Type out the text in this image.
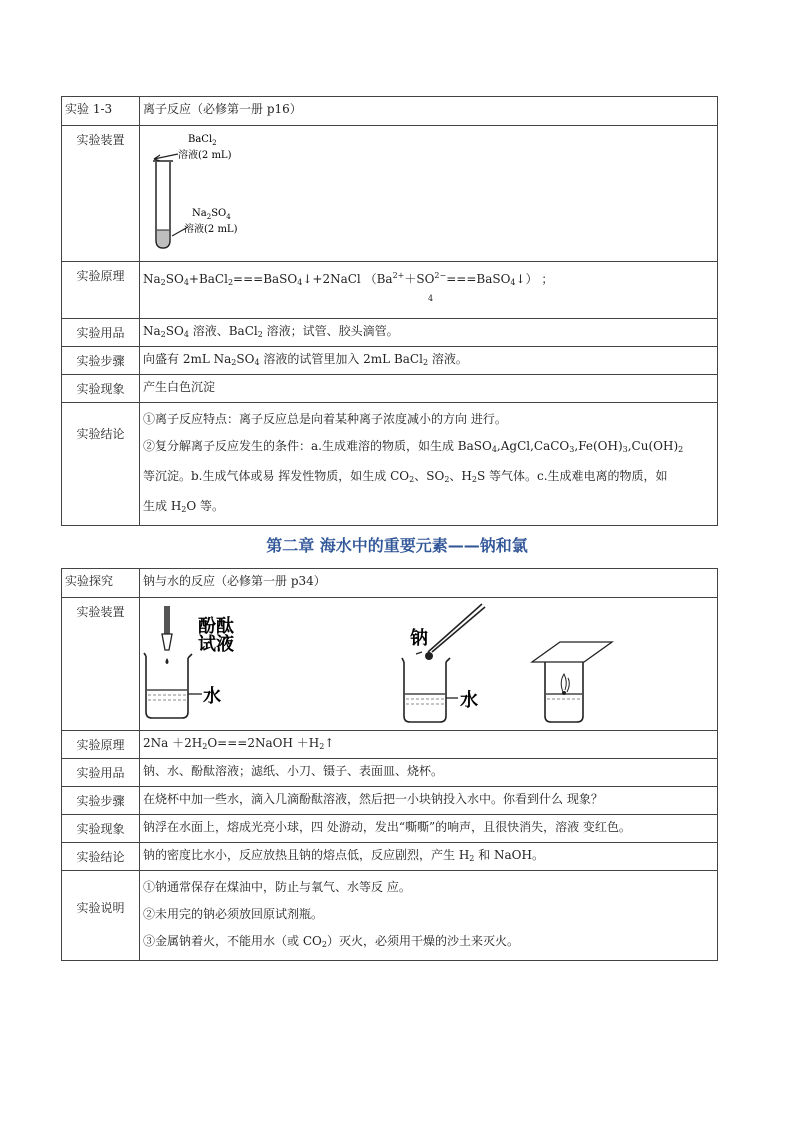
实验 1-3	离子反应（必修第一册 p16）
实验装置	BaCl$_2$
溶液(2 mL)
$Na_2SO_4$
溶液(2 mL)

实验原理	$Na_2SO_4+BaCl_2===BaSO_4↓+2NaCl$ $(Ba^{2+}+SO^{2-}===BaSO_4↓)$ ；
4

实验用品	$Na_2SO_4$ 溶液、BaCl$_2$ 溶液；试管、胶头滴管。
实验步骤	向盛有 2mL $Na_2SO_4$ 溶液的试管里加入 2mL BaCl$_2$ 溶液。
实验现象	产生白色沉淀
实验结论	①离子反应特点：离子反应总是向着某种离子浓度减小的方向 进行。
②复分解离子反应发生的条件：a.生成难溶的物质，如生成 $BaSO_4,AgCl,CaCO_3,Fe(OH)_3,Cu(OH)_2$
等沉淀。b.生成气体或易 挥发性物质，如生成 $CO_2$、$SO_2$、$H_2S$ 等气体。c.生成难电离的物质，如
生成 $H_2O$ 等。
第二章 海水中的重要元素——钠和氯
实验探究	钠与水的反应（必修第一册 p34）
实验装置	酚酞
试液
水
钠
水

实验原理	$2Na +2H_2O===2NaOH$ $+H_2↑$
实验用品	钠、水、酚酞溶液；滤纸、小刀、镊子、表面皿、烧杯。
实验步骤	在烧杯中加一些水，滴入几滴酚酞溶液，然后把一小块钠投入水中。你看到什么 现象？
实验现象	钠浮在水面上，熔成光亮小球，四 处游动，发出“嘶嘶”的响声，且很快消失，溶液 变红色。
实验结论	钠的密度比水小，反应放热且钠的熔点低，反应剧烈，产生 $H_2$ 和 NaOH。
实验说明	①钠通常保存在煤油中，防止与氧气、水等反 应。
②未用完的钠必须放回原试剂瓶。
③金属钠着火，不能用水（或 $CO_2$）灭火，必须用干燥的沙土来灭火。
